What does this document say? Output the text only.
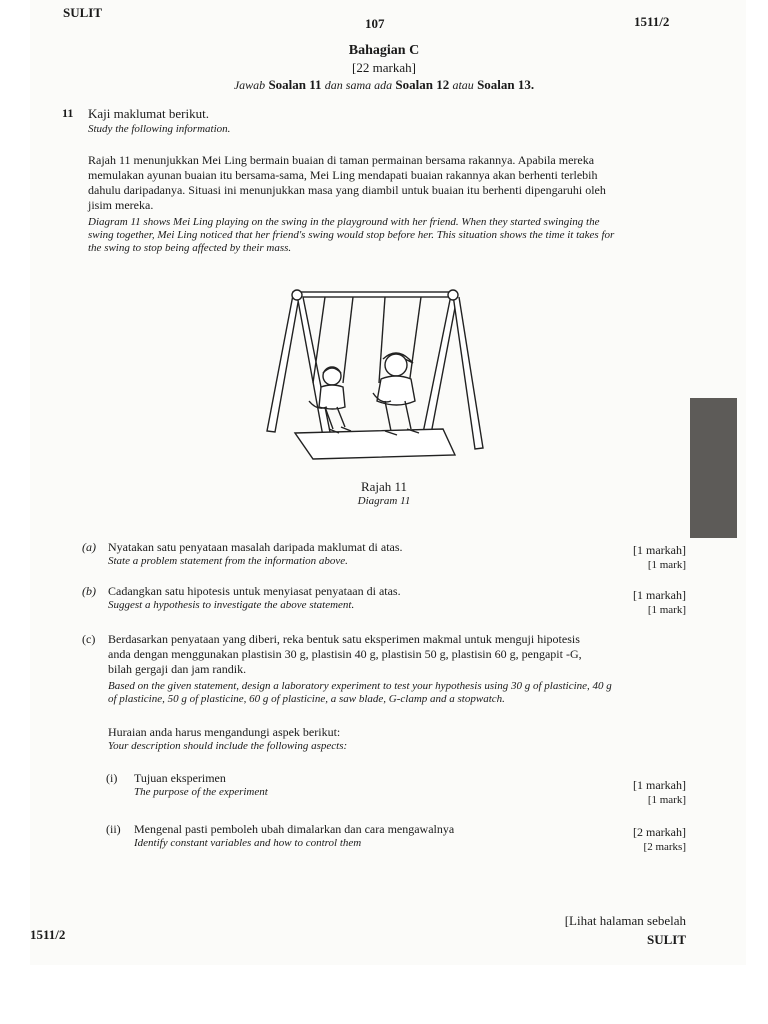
SULIT
107	1511/2
Bahagian C
[22 markah]
Jawab Soalan 11 dan sama ada Soalan 12 atau Soalan 13.
11 Kaji maklumat berikut.
Study the following information.
Rajah 11 menunjukkan Mei Ling bermain buaian di taman permainan bersama rakannya. Apabila mereka
memulakan ayunan buaian itu bersama-sama, Mei Ling mendapati buaian rakannya akan berhenti terlebih
dahulu daripadanya. Situasi ini menunjukkan masa yang diambil untuk buaian itu berhenti dipengaruhi oleh
jisim mereka.
Diagram 11 shows Mei Ling playing on the swing in the playground with her friend. When they started swinging the
swing together, Mei Ling noticed that her friend's swing would stop before her. This situation shows the time it takes for
the swing to stop being affected by their mass.
Rajah 11
Diagram 11
(a) Nyatakan satu penyataan masalah daripada maklumat di atas.
State a problem statement from the information above.
[1 markah]
[1 mark]
(b) Cadangkan satu hipotesis untuk menyiasat penyataan di atas.
Suggest a hypothesis to investigate the above statement.
[1 markah]
[1 mark]
(c) Berdasarkan penyataan yang diberi, reka bentuk satu eksperimen makmal untuk menguji hipotesis
anda dengan menggunakan plastisin 30 g, plastisin 40 g, plastisin 50 g, plastisin 60 g, pengapit -G,
bilah gergaji dan jam randik.
Based on the given statement, design a laboratory experiment to test your hypothesis using 30 g of plasticine, 40 g
of plasticine, 50 g of plasticine, 60 g of plasticine, a saw blade, G-clamp and a stopwatch.
Huraian anda harus mengandungi aspek berikut:
Your description should include the following aspects:
(i) Tujuan eksperimen
The purpose of the experiment	[1 markah]
[1 mark]
(ii) Mengenal pasti pemboleh ubah dimalarkan dan cara mengawalnya
Identify constant variables and how to control them
[2 markah]
[2 marks]
[Lihat halaman sebelah
1511/2	SULIT
